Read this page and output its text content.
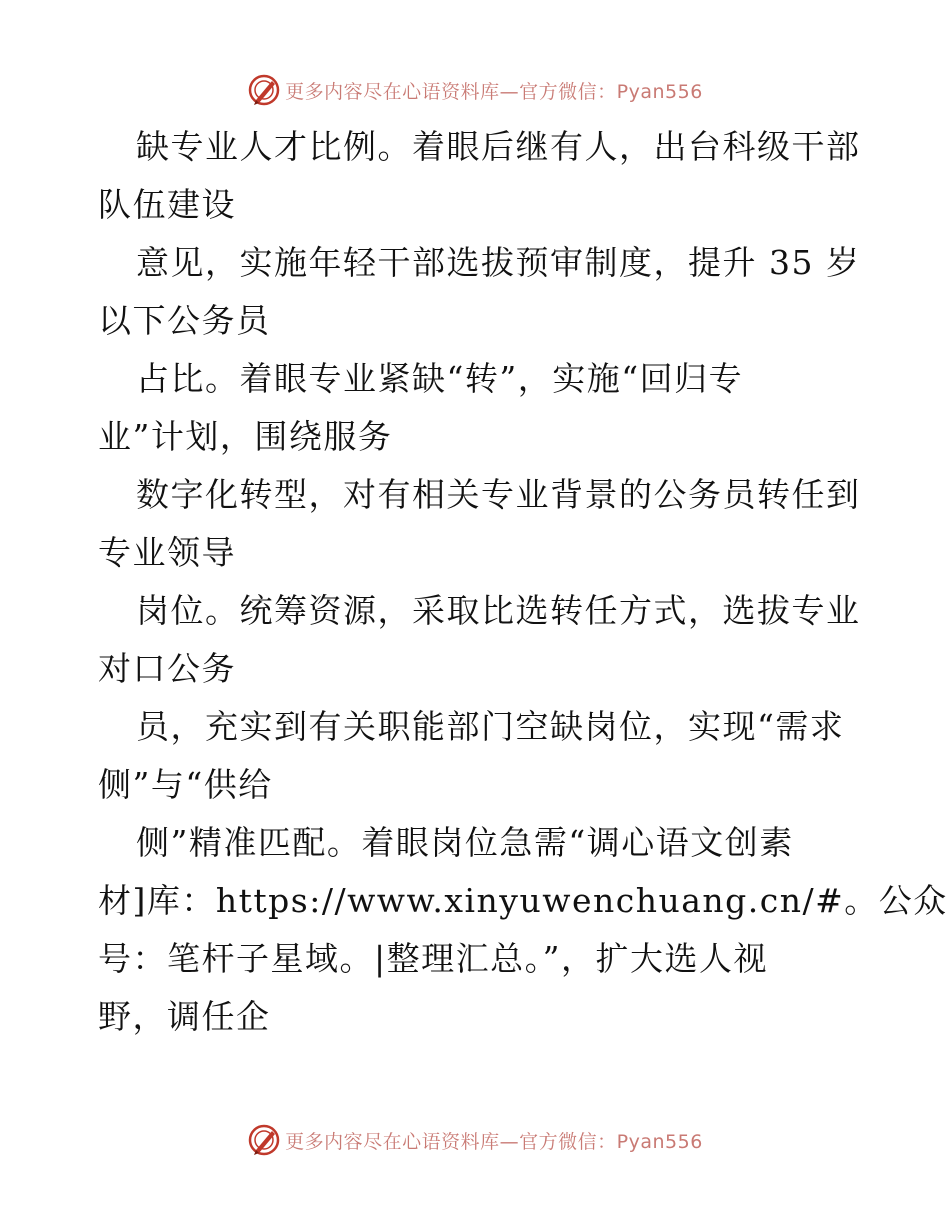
更多内容尽在心语资料库—官方微信：Pyan556
缺专业人才比例。着眼后继有人，出台科级干部
队伍建设
意见，实施年轻干部选拔预审制度，提升 35 岁
以下公务员
占比。着眼专业紧缺“转”，实施“回归专
业”计划，围绕服务
数字化转型，对有相关专业背景的公务员转任到
专业领导
岗位。统筹资源，采取比选转任方式，选拔专业
对口公务
员，充实到有关职能部门空缺岗位，实现“需求
侧”与“供给
侧”精准匹配。着眼岗位急需“调心语文创素
材]库：https://www.xinyuwenchuang.cn/#。公众
号：笔杆子星域。|整理汇总。”，扩大选人视
野，调任企
更多内容尽在心语资料库—官方微信：Pyan556
